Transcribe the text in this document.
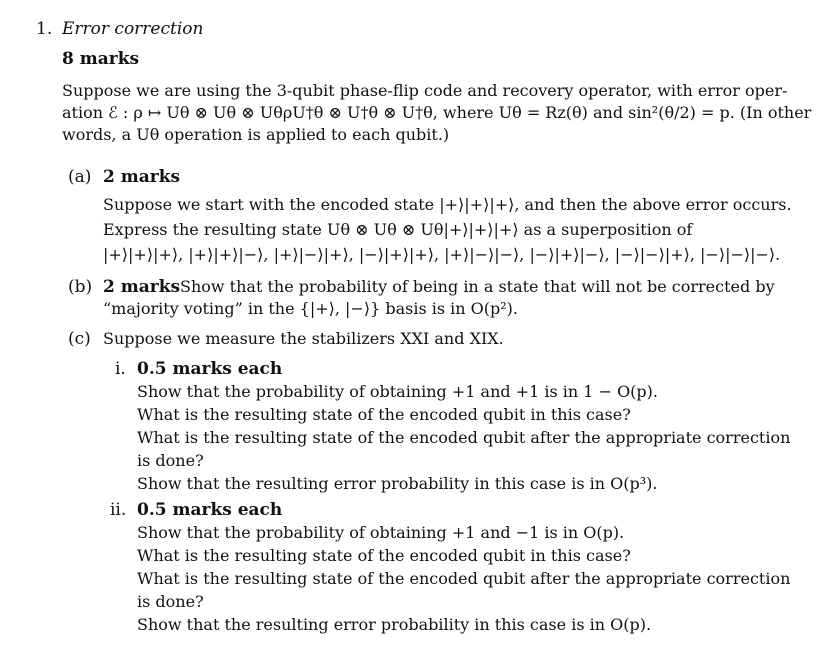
1. Error correction
8 marks
Suppose we are using the 3-qubit phase-flip code and recovery operator, with error oper-
ation ℰ : ρ ↦ Uθ ⊗ Uθ ⊗ UθρU†θ ⊗ U†θ ⊗ U†θ, where Uθ = Rz(θ) and sin²(θ/2) = p. (In other
words, a Uθ operation is applied to each qubit.)
(a) 2 marks
Suppose we start with the encoded state |+⟩|+⟩|+⟩, and then the above error occurs.
Express the resulting state Uθ ⊗ Uθ ⊗ Uθ|+⟩|+⟩|+⟩ as a superposition of
|+⟩|+⟩|+⟩, |+⟩|+⟩|−⟩, |+⟩|−⟩|+⟩, |−⟩|+⟩|+⟩, |+⟩|−⟩|−⟩, |−⟩|+⟩|−⟩, |−⟩|−⟩|+⟩, |−⟩|−⟩|−⟩.
(b) 2 marks Show that the probability of being in a state that will not be corrected by
“majority voting” in the {|+⟩, |−⟩} basis is in O(p²).
(c) Suppose we measure the stabilizers XXI and XIX.
i. 0.5 marks each
Show that the probability of obtaining +1 and +1 is in 1 − O(p).
What is the resulting state of the encoded qubit in this case?
What is the resulting state of the encoded qubit after the appropriate correction
is done?
Show that the resulting error probability in this case is in O(p³).
ii. 0.5 marks each
Show that the probability of obtaining +1 and −1 is in O(p).
What is the resulting state of the encoded qubit in this case?
What is the resulting state of the encoded qubit after the appropriate correction
is done?
Show that the resulting error probability in this case is in O(p).
